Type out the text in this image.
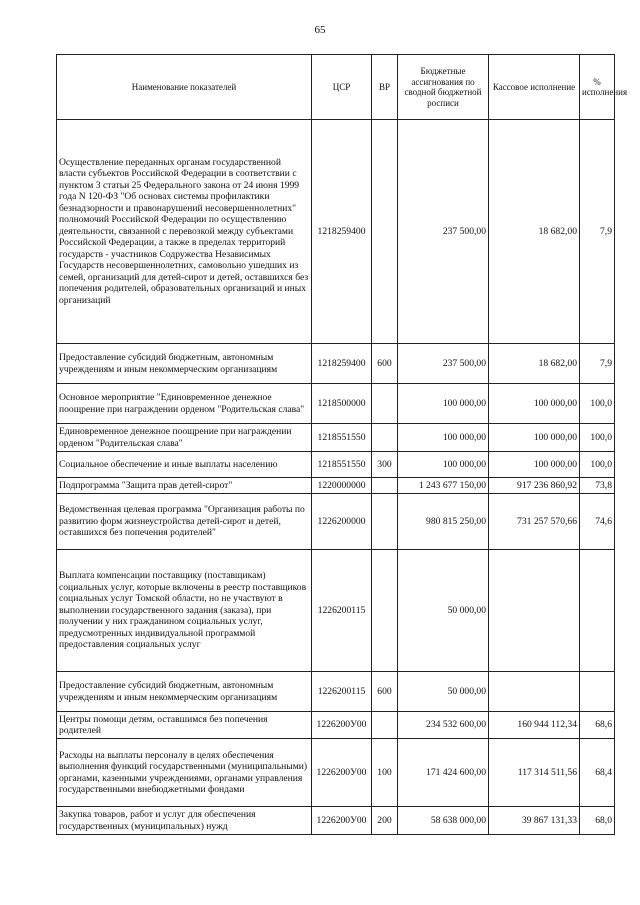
65
Наименование показателей	ЦСР	ВР	Бюджетные ассигнования по сводной бюджетной росписи	Кассовое исполнение	% исполнения
Осуществление переданных органам государственной власти субъектов Российской Федерации в соответствии с пунктом 3 статьи 25 Федерального закона от 24 июня 1999 года N 120-ФЗ "Об основах системы профилактики безнадзорности и правонарушений несовершеннолетних" полномочий Российской Федерации по осуществлению деятельности, связанной с перевозкой между субъектами Российской Федерации, а также в пределах территорий государств - участников Содружества Независимых Государств несовершеннолетних, самовольно ушедших из семей, организаций для детей-сирот и детей, оставшихся без попечения родителей, образовательных организаций и иных организаций	1218259400		237 500,00	18 682,00	7,9
Предоставление субсидий бюджетным, автономным учреждениям и иным некоммерческим организациям	1218259400	600	237 500,00	18 682,00	7,9
Основное мероприятие "Единовременное денежное поощрение при награждении орденом "Родительская слава"	1218500000		100 000,00	100 000,00	100,0
Единовременное денежное поощрение при награждении орденом "Родительская слава"	1218551550		100 000,00	100 000,00	100,0
Социальное обеспечение и иные выплаты населению	1218551550	300	100 000,00	100 000,00	100,0
Подпрограмма "Защита прав детей-сирот"	1220000000		1 243 677 150,00	917 236 860,92	73,8
Ведомственная целевая программа "Организация работы по развитию форм жизнеустройства детей-сирот и детей, оставшихся без попечения родителей"	1226200000		980 815 250,00	731 257 570,66	74,6
Выплата компенсации поставщику (поставщикам) социальных услуг, которые включены в реестр поставщиков социальных услуг Томской области, но не участвуют в выполнении государственного задания (заказа), при получении у них гражданином социальных услуг, предусмотренных индивидуальной программой предоставления социальных услуг	1226200115		50 000,00		
Предоставление субсидий бюджетным, автономным учреждениям и иным некоммерческим организациям	1226200115	600	50 000,00		
Центры помощи детям, оставшимся без попечения родителей	1226200У00		234 532 600,00	160 944 112,34	68,6
Расходы на выплаты персоналу в целях обеспечения выполнения функций государственными (муниципальными) органами, казенными учреждениями, органами управления государственными внебюджетными фондами	1226200У00	100	171 424 600,00	117 314 511,56	68,4
Закупка товаров, работ и услуг для обеспечения государственных (муниципальных) нужд	1226200У00	200	58 638 000,00	39 867 131,33	68,0
